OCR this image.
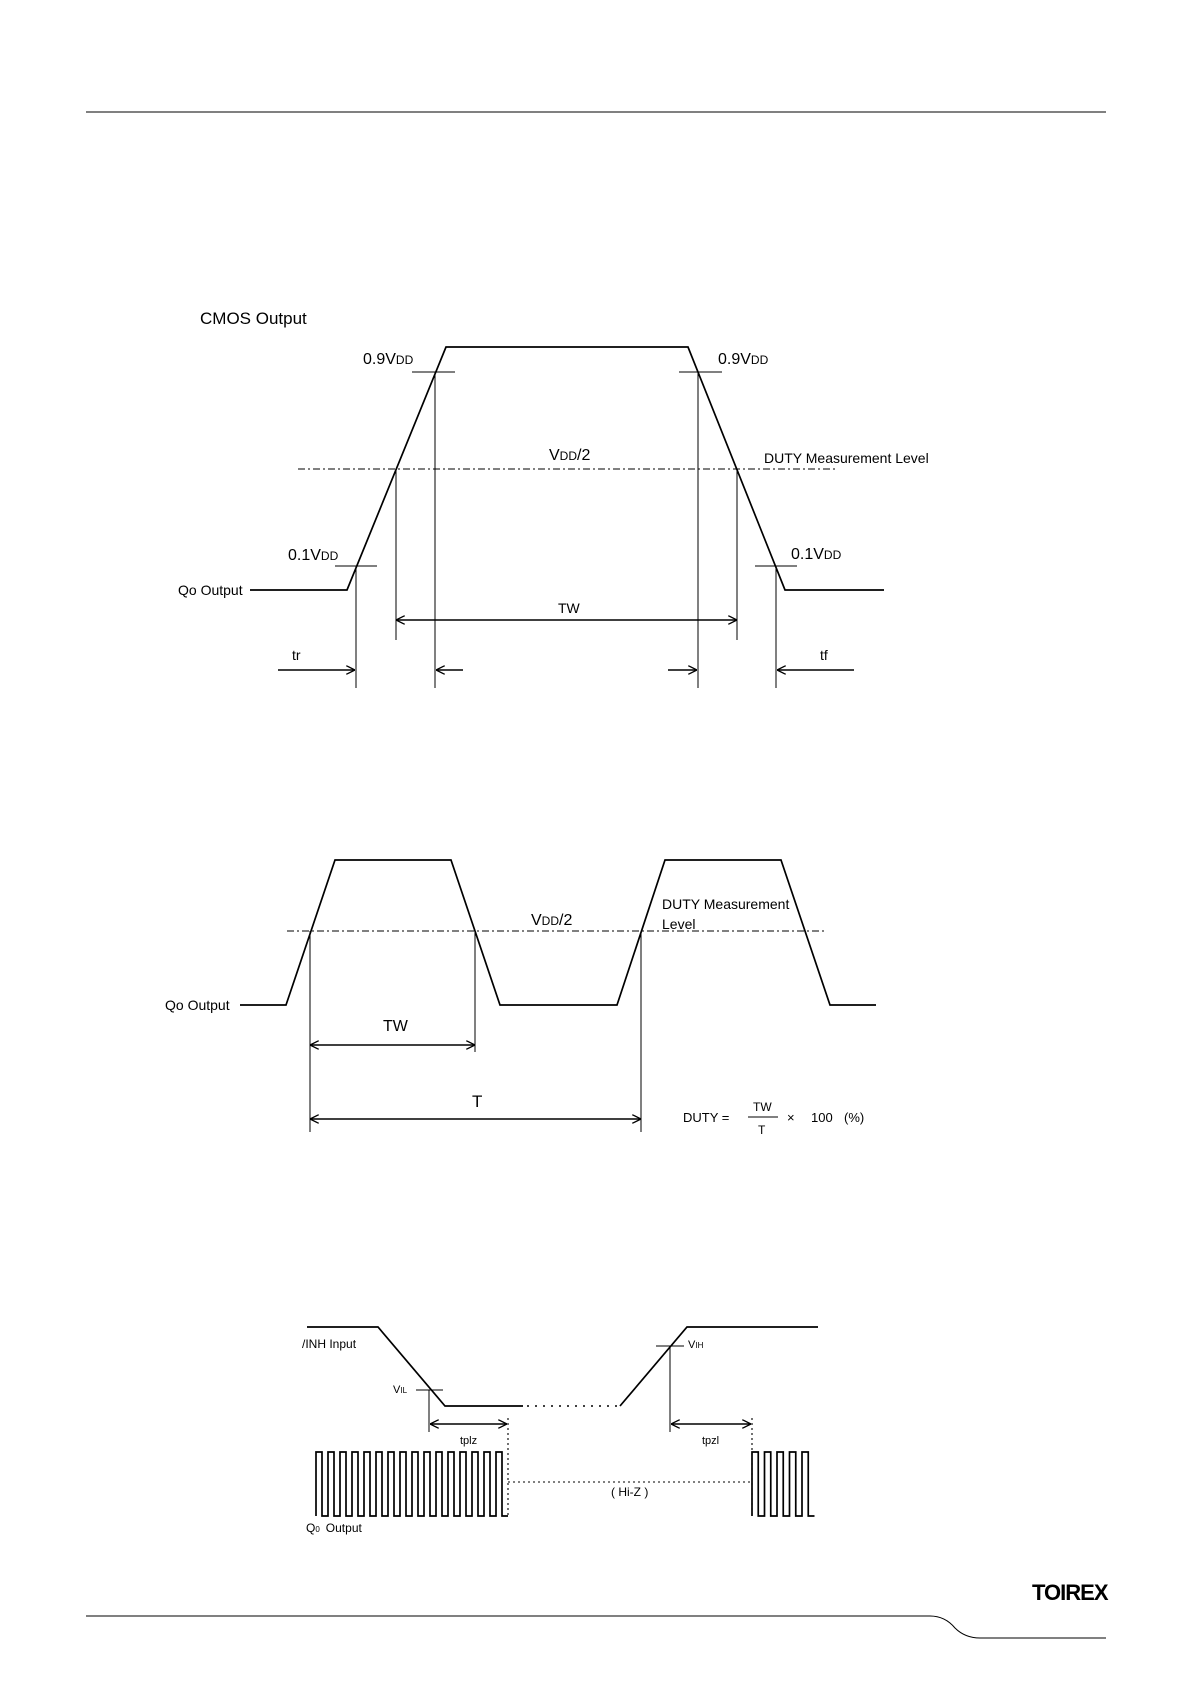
CMOS Output
0.9VDD	0.9VDD
VDD/2	DUTY Measurement Level
0.1VDD	0.1VDD
Qo Output
TW
tr	tf
VDD/2
DUTY Measurement
Level
Qo Output
TW
T
DUTY =
TW
T
× 100 (%)
/INH Input
VIL
VIH
tplz	tpzl
( Hi-Z )
Q0 Output
TOIREX
